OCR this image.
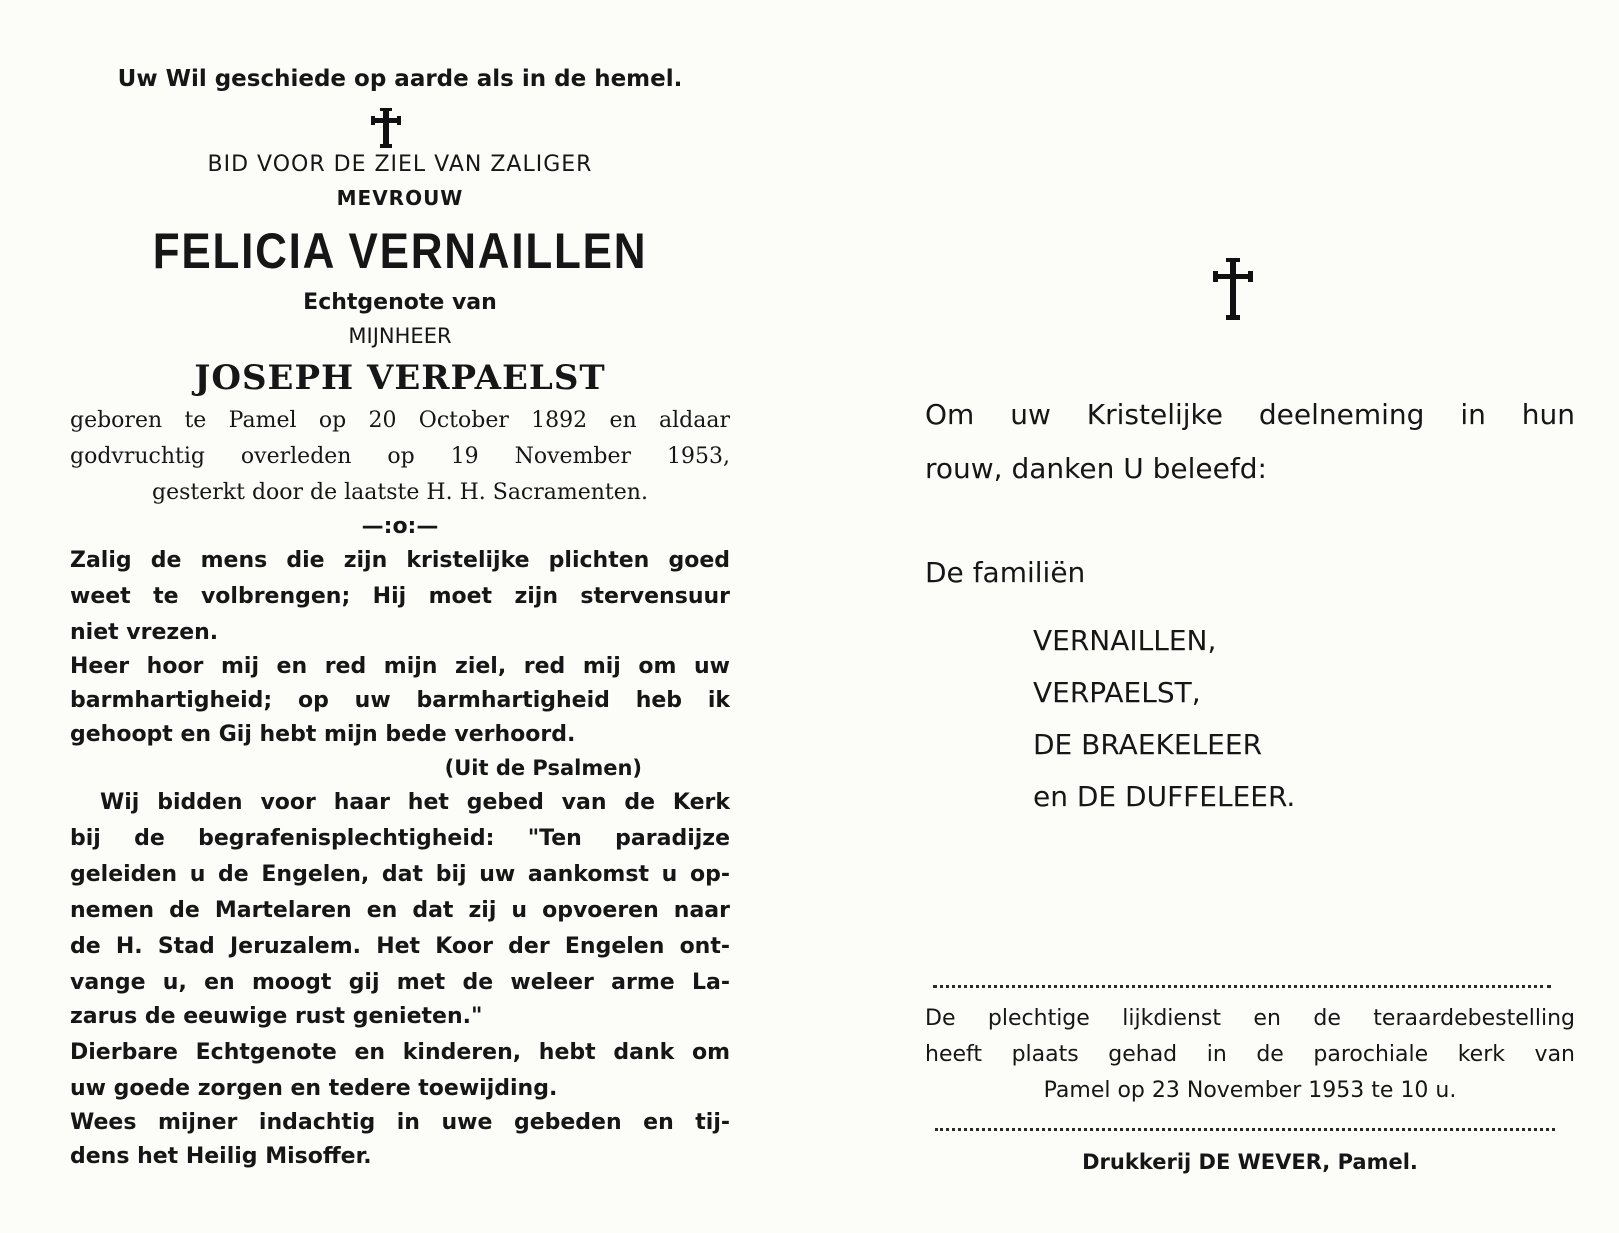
Uw Wil geschiede op aarde als in de hemel.
BID VOOR DE ZIEL VAN ZALIGER
MEVROUW
FELICIA VERNAILLEN
Echtgenote van
MIJNHEER
JOSEPH VERPAELST
geboren te Pamel op 20 October 1892 en aldaar
godvruchtig overleden op 19 November 1953,
gesterkt door de laatste H. H. Sacramenten.
—:o:—
Zalig de mens die zijn kristelijke plichten goed
weet te volbrengen; Hij moet zijn stervensuur
niet vrezen.
Heer hoor mij en red mijn ziel, red mij om uw
barmhartigheid; op uw barmhartigheid heb ik
gehoopt en Gij hebt mijn bede verhoord.
(Uit de Psalmen)
Wij bidden voor haar het gebed van de Kerk
bij de begrafenisplechtigheid: "Ten paradijze
geleiden u de Engelen, dat bij uw aankomst u op-
nemen de Martelaren en dat zij u opvoeren naar
de H. Stad Jeruzalem. Het Koor der Engelen ont-
vange u, en moogt gij met de weleer arme La-
zarus de eeuwige rust genieten."
Dierbare Echtgenote en kinderen, hebt dank om
uw goede zorgen en tedere toewijding.
Wees mijner indachtig in uwe gebeden en tij-
dens het Heilig Misoffer.
Om uw Kristelijke deelneming in hun
rouw, danken U beleefd:
De familiën
VERNAILLEN,
VERPAELST,
DE BRAEKELEER
en DE DUFFELEER.
De plechtige lijkdienst en de teraardebestelling
heeft plaats gehad in de parochiale kerk van
Pamel op 23 November 1953 te 10 u.
Drukkerij DE WEVER, Pamel.
